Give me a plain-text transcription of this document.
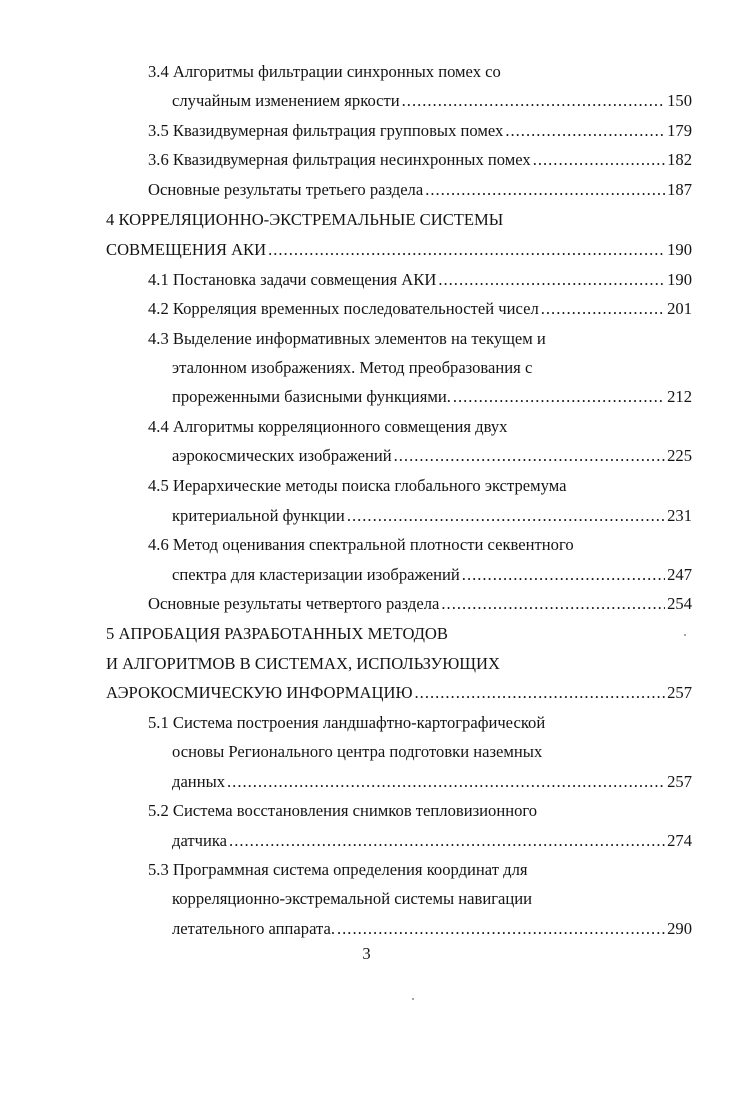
3.4 Алгоритмы фильтрации синхронных помех со
случайным изменением яркости .....	150
3.5 Квазидвумерная фильтрация групповых помех .....	179
3.6 Квазидвумерная фильтрация несинхронных помех .....	182
Основные результаты третьего раздела .....	187
4 КОРРЕЛЯЦИОННО-ЭКСТРЕМАЛЬНЫЕ СИСТЕМЫ
СОВМЕЩЕНИЯ АКИ .....	190
4.1 Постановка задачи совмещения АКИ .....	190
4.2 Корреляция временных последовательностей чисел .....	201
4.3 Выделение информативных элементов на текущем и
эталонном изображениях. Метод преобразования с
прореженными базисными функциями. .....	212
4.4 Алгоритмы корреляционного совмещения двух
аэрокосмических изображений .....	225
4.5 Иерархические методы поиска глобального экстремума
критериальной функции .....	231
4.6 Метод оценивания спектральной плотности секвентного
спектра для кластеризации изображений .....	247
Основные результаты четвертого раздела .....	254
5 АПРОБАЦИЯ РАЗРАБОТАННЫХ МЕТОДОВ
И АЛГОРИТМОВ В СИСТЕМАХ, ИСПОЛЬЗУЮЩИХ
АЭРОКОСМИЧЕСКУЮ ИНФОРМАЦИЮ .....	257
5.1 Система построения ландшафтно-картографической
основы Регионального центра подготовки наземных
данных .....	257
5.2 Система восстановления снимков тепловизионного
датчика .....	274
5.3 Программная система определения координат для
корреляционно-экстремальной системы навигации
летательного аппарата. .....	290
3
